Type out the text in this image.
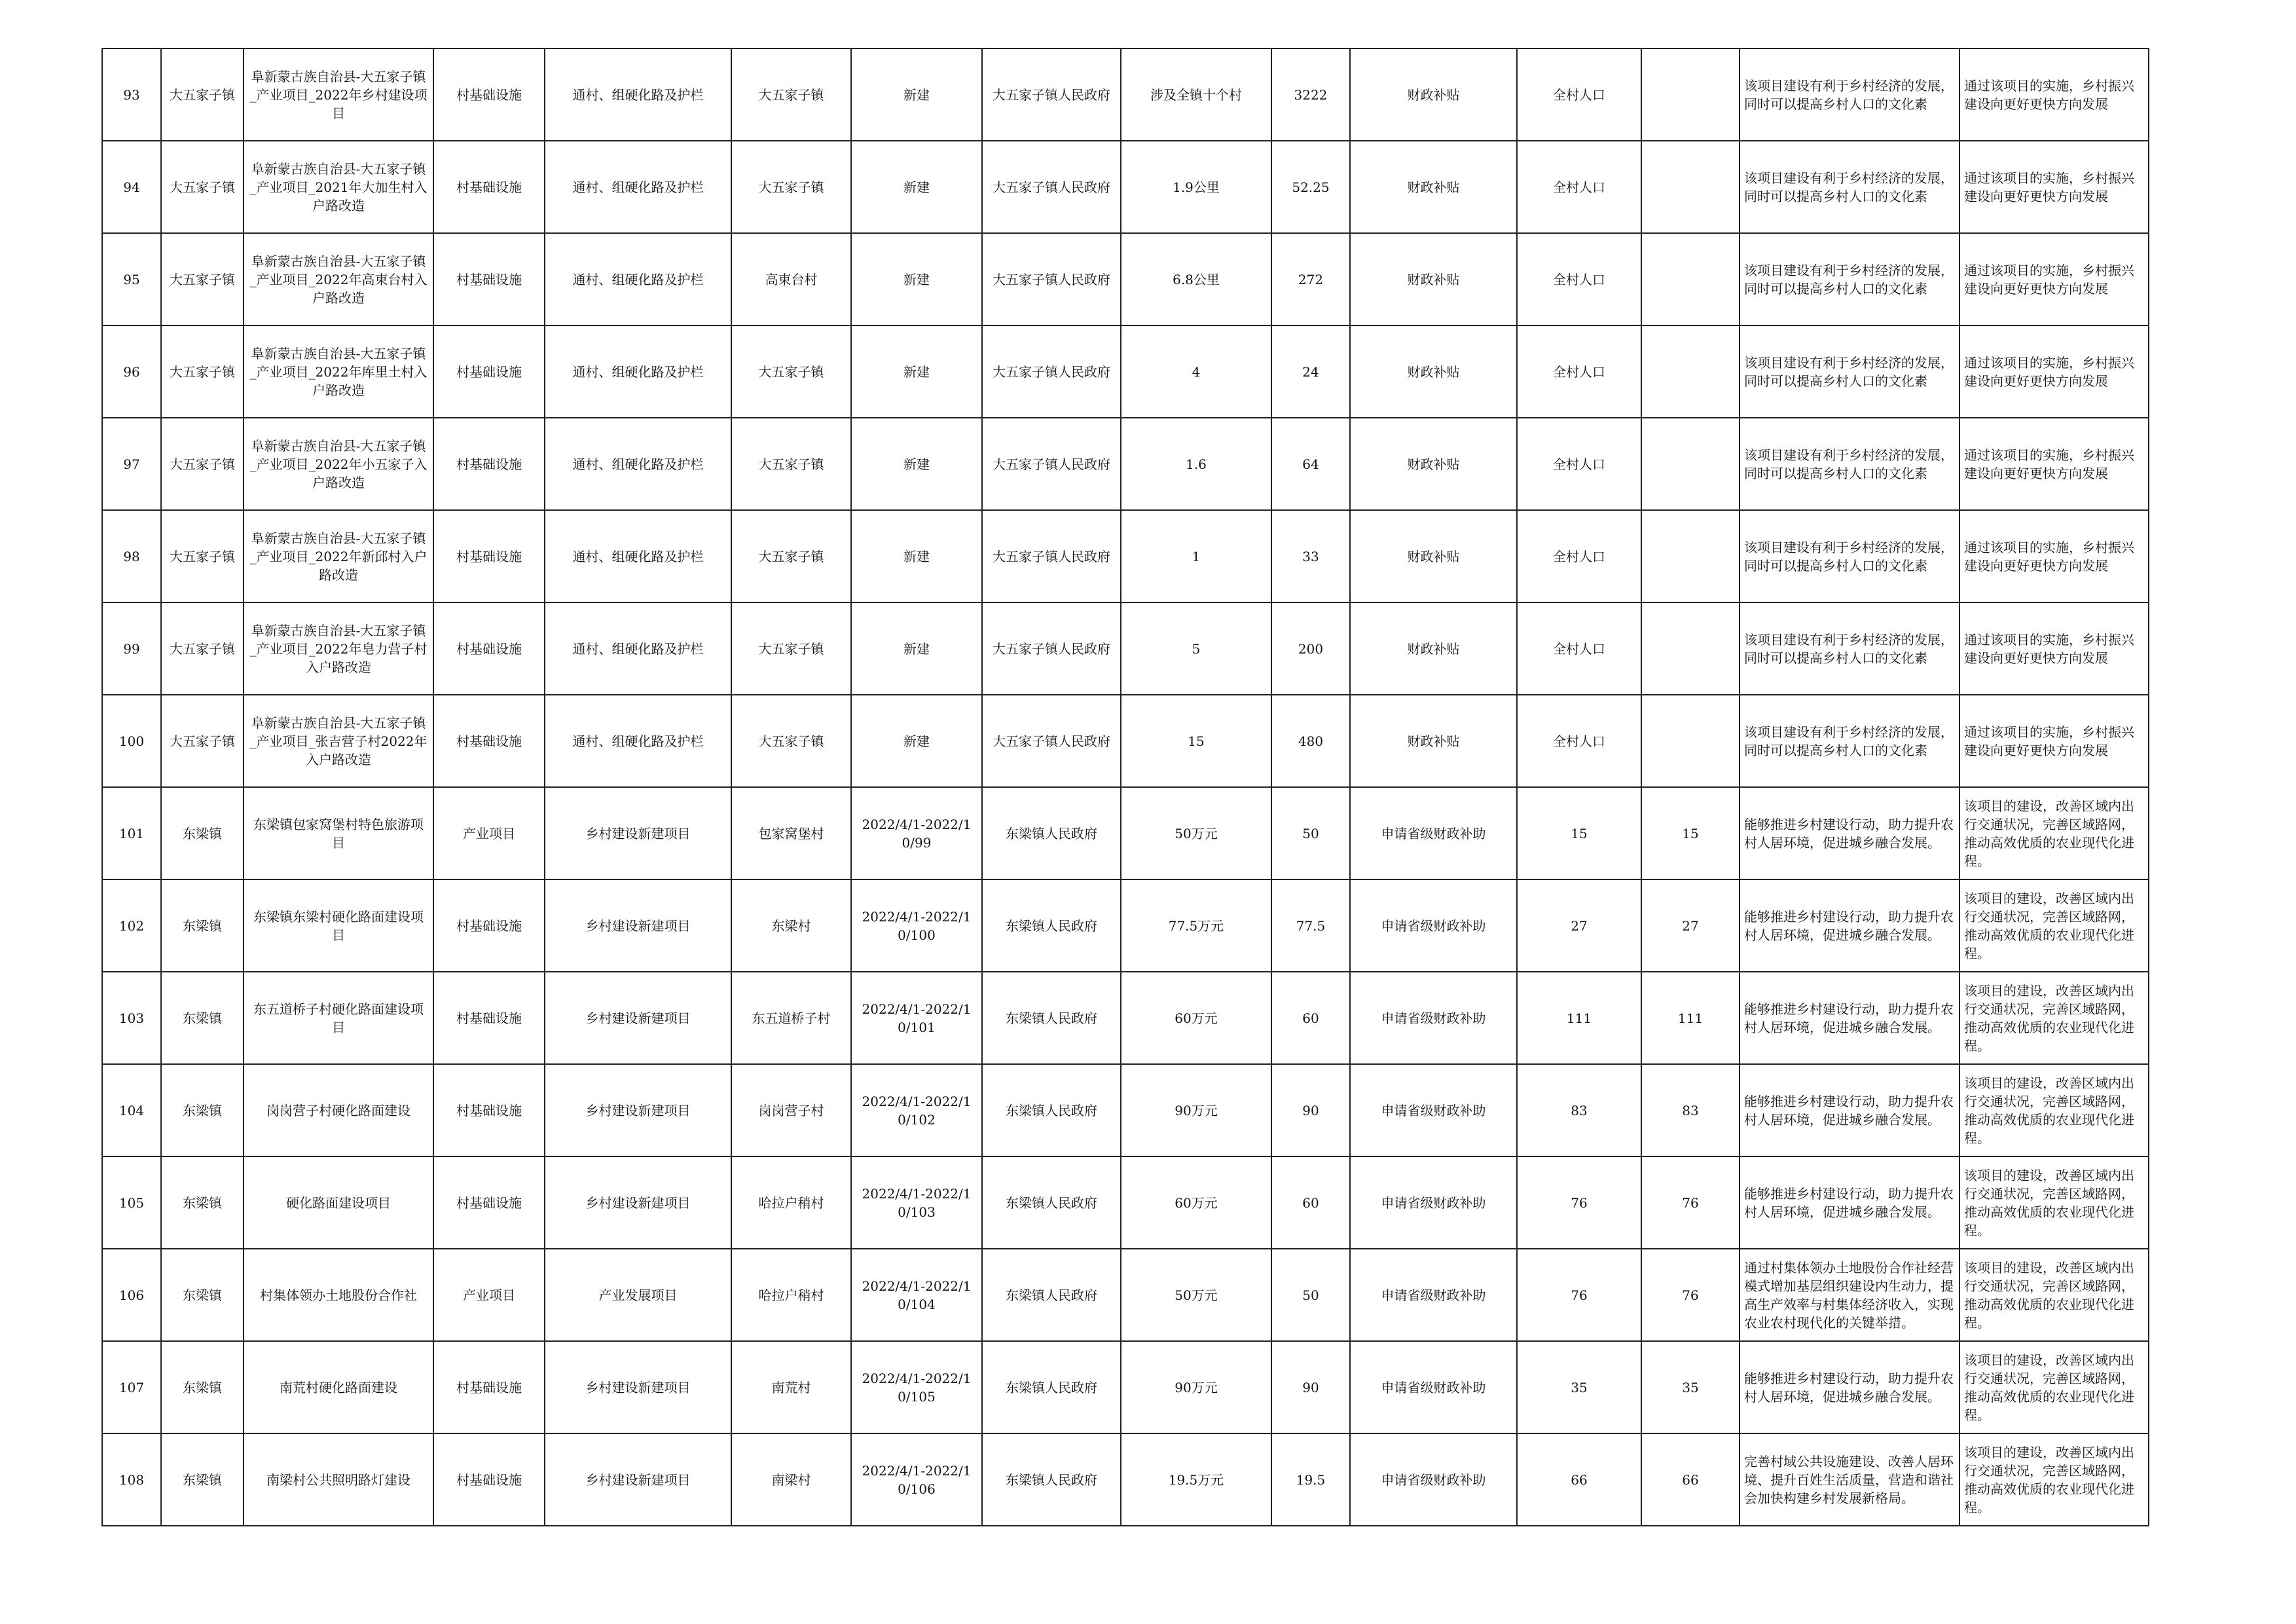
93	大五家子镇	阜新蒙古族自治县-大五家子镇_产业项目_2022年乡村建设项目	村基础设施	通村、组硬化路及护栏	大五家子镇	新建	大五家子镇人民政府	涉及全镇十个村	3222	财政补贴	全村人口		该项目建设有利于乡村经济的发展，同时可以提高乡村人口的文化素	通过该项目的实施，乡村振兴建设向更好更快方向发展
94	大五家子镇	阜新蒙古族自治县-大五家子镇_产业项目_2021年大加生村入户路改造	村基础设施	通村、组硬化路及护栏	大五家子镇	新建	大五家子镇人民政府	1.9公里	52.25	财政补贴	全村人口		该项目建设有利于乡村经济的发展，同时可以提高乡村人口的文化素	通过该项目的实施，乡村振兴建设向更好更快方向发展
95	大五家子镇	阜新蒙古族自治县-大五家子镇_产业项目_2022年高束台村入户路改造	村基础设施	通村、组硬化路及护栏	高束台村	新建	大五家子镇人民政府	6.8公里	272	财政补贴	全村人口		该项目建设有利于乡村经济的发展，同时可以提高乡村人口的文化素	通过该项目的实施，乡村振兴建设向更好更快方向发展
96	大五家子镇	阜新蒙古族自治县-大五家子镇_产业项目_2022年库里土村入户路改造	村基础设施	通村、组硬化路及护栏	大五家子镇	新建	大五家子镇人民政府	4	24	财政补贴	全村人口		该项目建设有利于乡村经济的发展，同时可以提高乡村人口的文化素	通过该项目的实施，乡村振兴建设向更好更快方向发展
97	大五家子镇	阜新蒙古族自治县-大五家子镇_产业项目_2022年小五家子入户路改造	村基础设施	通村、组硬化路及护栏	大五家子镇	新建	大五家子镇人民政府	1.6	64	财政补贴	全村人口		该项目建设有利于乡村经济的发展，同时可以提高乡村人口的文化素	通过该项目的实施，乡村振兴建设向更好更快方向发展
98	大五家子镇	阜新蒙古族自治县-大五家子镇_产业项目_2022年新邱村入户路改造	村基础设施	通村、组硬化路及护栏	大五家子镇	新建	大五家子镇人民政府	1	33	财政补贴	全村人口		该项目建设有利于乡村经济的发展，同时可以提高乡村人口的文化素	通过该项目的实施，乡村振兴建设向更好更快方向发展
99	大五家子镇	阜新蒙古族自治县-大五家子镇_产业项目_2022年皂力营子村入户路改造	村基础设施	通村、组硬化路及护栏	大五家子镇	新建	大五家子镇人民政府	5	200	财政补贴	全村人口		该项目建设有利于乡村经济的发展，同时可以提高乡村人口的文化素	通过该项目的实施，乡村振兴建设向更好更快方向发展
100	大五家子镇	阜新蒙古族自治县-大五家子镇_产业项目_张吉营子村2022年入户路改造	村基础设施	通村、组硬化路及护栏	大五家子镇	新建	大五家子镇人民政府	15	480	财政补贴	全村人口		该项目建设有利于乡村经济的发展，同时可以提高乡村人口的文化素	通过该项目的实施，乡村振兴建设向更好更快方向发展
101	东梁镇	东梁镇包家窝堡村特色旅游项目	产业项目	乡村建设新建项目	包家窝堡村	2022/4/1-2022/10/99	东梁镇人民政府	50万元	50	申请省级财政补助	15	15	能够推进乡村建设行动，助力提升农村人居环境，促进城乡融合发展。	该项目的建设，改善区域内出行交通状况，完善区域路网，推动高效优质的农业现代化进程。
102	东梁镇	东梁镇东梁村硬化路面建设项目	村基础设施	乡村建设新建项目	东梁村	2022/4/1-2022/10/100	东梁镇人民政府	77.5万元	77.5	申请省级财政补助	27	27	能够推进乡村建设行动，助力提升农村人居环境，促进城乡融合发展。	该项目的建设，改善区域内出行交通状况，完善区域路网，推动高效优质的农业现代化进程。
103	东梁镇	东五道桥子村硬化路面建设项目	村基础设施	乡村建设新建项目	东五道桥子村	2022/4/1-2022/10/101	东梁镇人民政府	60万元	60	申请省级财政补助	111	111	能够推进乡村建设行动，助力提升农村人居环境，促进城乡融合发展。	该项目的建设，改善区域内出行交通状况，完善区域路网，推动高效优质的农业现代化进程。
104	东梁镇	岗岗营子村硬化路面建设	村基础设施	乡村建设新建项目	岗岗营子村	2022/4/1-2022/10/102	东梁镇人民政府	90万元	90	申请省级财政补助	83	83	能够推进乡村建设行动，助力提升农村人居环境，促进城乡融合发展。	该项目的建设，改善区域内出行交通状况，完善区域路网，推动高效优质的农业现代化进程。
105	东梁镇	硬化路面建设项目	村基础设施	乡村建设新建项目	哈拉户稍村	2022/4/1-2022/10/103	东梁镇人民政府	60万元	60	申请省级财政补助	76	76	能够推进乡村建设行动，助力提升农村人居环境，促进城乡融合发展。	该项目的建设，改善区域内出行交通状况，完善区域路网，推动高效优质的农业现代化进程。
106	东梁镇	村集体领办土地股份合作社	产业项目	产业发展项目	哈拉户稍村	2022/4/1-2022/10/104	东梁镇人民政府	50万元	50	申请省级财政补助	76	76	通过村集体领办土地股份合作社经营模式增加基层组织建设内生动力，提高生产效率与村集体经济收入，实现农业农村现代化的关键举措。	该项目的建设，改善区域内出行交通状况，完善区域路网，推动高效优质的农业现代化进程。
107	东梁镇	南荒村硬化路面建设	村基础设施	乡村建设新建项目	南荒村	2022/4/1-2022/10/105	东梁镇人民政府	90万元	90	申请省级财政补助	35	35	能够推进乡村建设行动，助力提升农村人居环境，促进城乡融合发展。	该项目的建设，改善区域内出行交通状况，完善区域路网，推动高效优质的农业现代化进程。
108	东梁镇	南梁村公共照明路灯建设	村基础设施	乡村建设新建项目	南梁村	2022/4/1-2022/10/106	东梁镇人民政府	19.5万元	19.5	申请省级财政补助	66	66	完善村域公共设施建设、改善人居环境、提升百姓生活质量，营造和谐社会加快构建乡村发展新格局。	该项目的建设，改善区域内出行交通状况，完善区域路网，推动高效优质的农业现代化进程。
